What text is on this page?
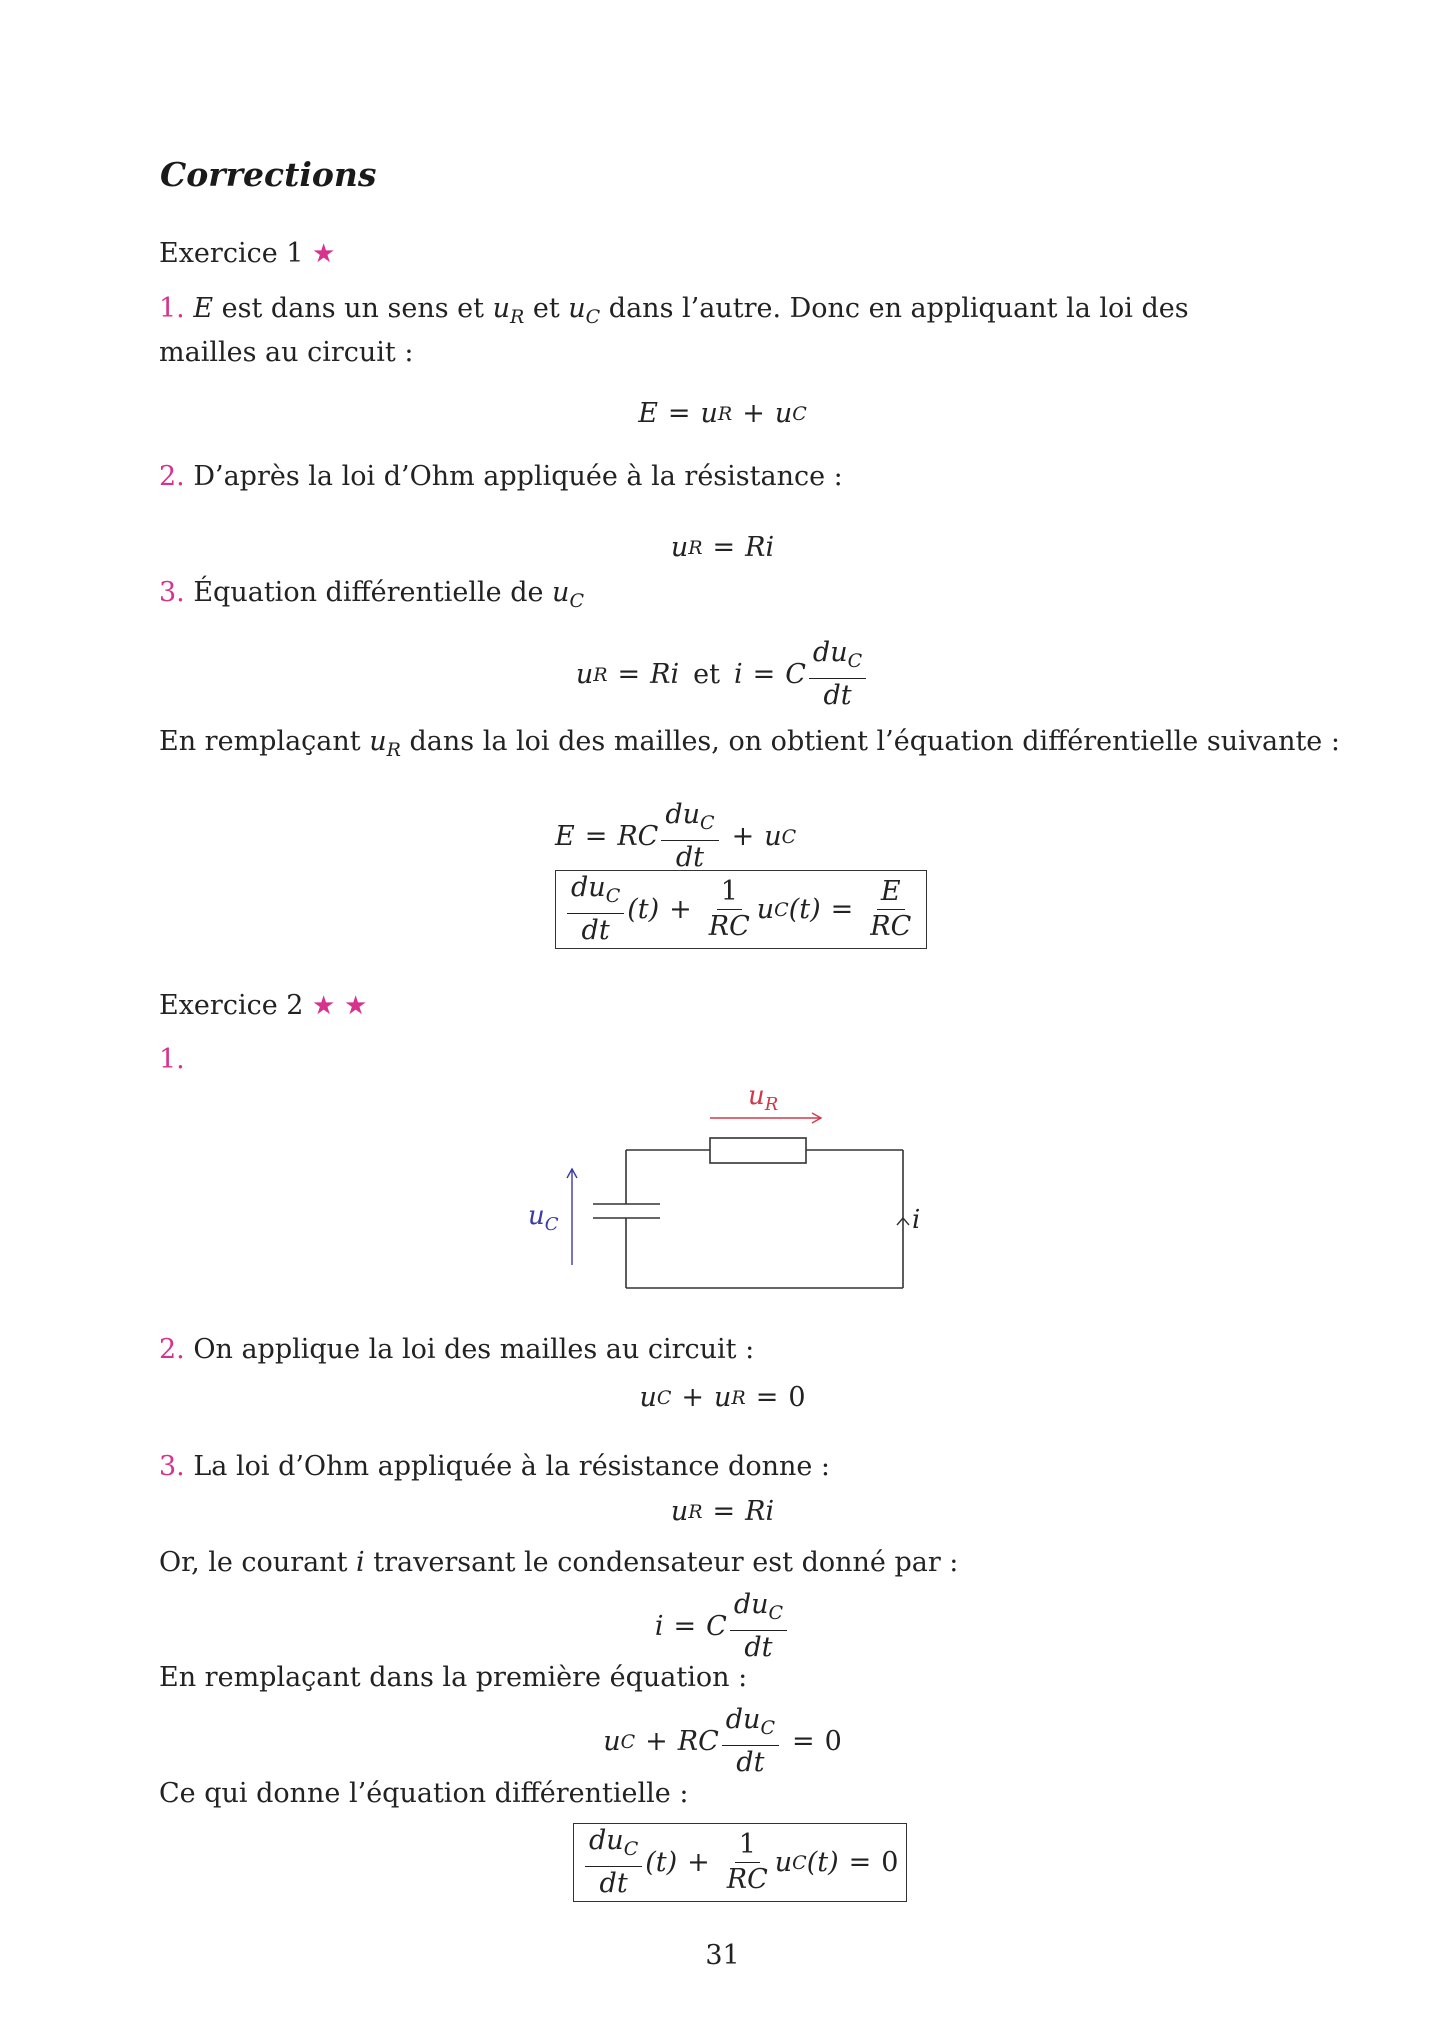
Corrections
Exercice 1 ★
1. E est dans un sens et $u_R$ et $u_C$ dans l’autre. Donc en appliquant la loi des mailles au circuit :
E = u R + u C
2. D’après la loi d’Ohm appliquée à la résistance :
u R = Ri
3. Équation différentielle de $u_C$
u R = Ri et i = C $\frac{du_C}{dt}$
En remplaçant $u_R$ dans la loi des mailles, on obtient l’équation différentielle suivante :
E = RC $\frac{du_C}{dt} + u$ C
$\frac{du_C}{dt} (t) + \frac{1}{RC}$ u C $(t) = \frac{E}{RC}$
Exercice 2 ★ ★
1.
i
$u_R$
$u_C$
2. On applique la loi des mailles au circuit :
u C + u R = 0
3. La loi d’Ohm appliquée à la résistance donne :
u R = Ri
Or, le courant i traversant le condensateur est donné par :
i = C $\frac{du_C}{dt}$
En remplaçant dans la première équation :
u C + RC $\frac{du_C}{dt} = 0$
Ce qui donne l’équation différentielle :
$\frac{du_C}{dt} (t) + \frac{1}{RC}$ u C (t) = 0
31
